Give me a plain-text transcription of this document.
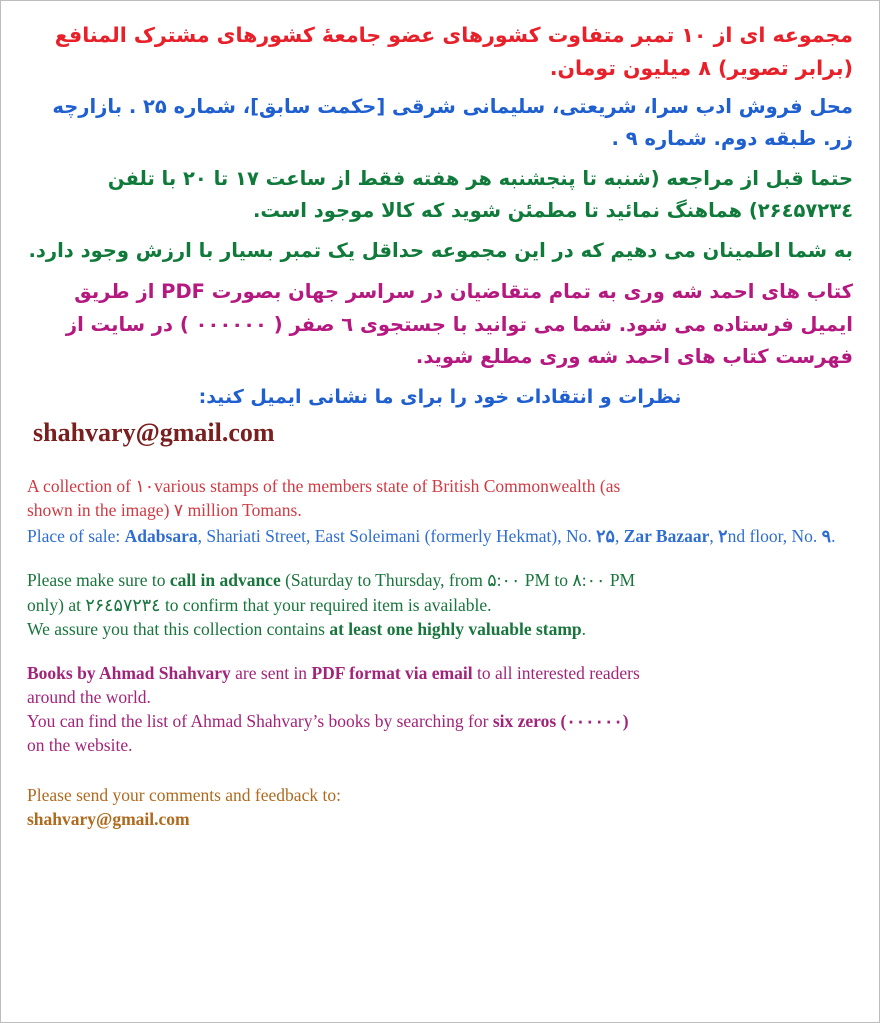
مجموعه ای از ۱۰ تمبر متفاوت کشورهای عضو جامعهٔ کشورهای مشترک المنافع (برابر تصویر) ۸ میلیون تومان.

محل فروش ادب سرا، شریعتی، سلیمانی شرقی [حکمت سابق]، شماره ۲۵ . بازارچه زر. طبقه دوم. شماره ۹ .

حتما قبل از مراجعه (شنبه تا پنجشنبه هر هفته فقط از ساعت ۱۷ تا ۲۰ با تلفن ۲۶٤۵۷۲۳٤) هماهنگ نمائید تا مطمئن شوید که کالا موجود است.

به شما اطمینان می دهیم که در این مجموعه حداقل یک تمبر بسیار با ارزش وجود دارد.

کتاب های احمد شه وری به تمام متقاضیان در سراسر جهان بصورت PDF از طریق ایمیل فرستاده می شود. شما می توانید با جستجوی ٦ صفر ( ۰۰۰۰۰۰ ) در سایت از فهرست کتاب های احمد شه وری مطلع شوید.

نظرات و انتقادات خود را برای ما نشانی ایمیل کنید:

shahvary@gmail.com
A collection of ۱۰various stamps of the members state of British Commonwealth (as
shown in the image) ۷ million Tomans.
Place of sale: Adabsara, Shariati Street, East Soleimani (formerly Hekmat), No. ۲۵, Zar Bazaar, ۲nd floor, No. ۹.
Please make sure to call in advance (Saturday to Thursday, from ۵:۰۰ PM to ۸:۰۰ PM
only) at ۲۶٤۵۷۲۳٤ to confirm that your required item is available.
We assure you that this collection contains at least one highly valuable stamp.
Books by Ahmad Shahvary are sent in PDF format via email to all interested readers
around the world.
You can find the list of Ahmad Shahvary’s books by searching for six zeros (۰۰۰۰۰۰)
on the website.
Please send your comments and feedback to:
shahvary@gmail.com
